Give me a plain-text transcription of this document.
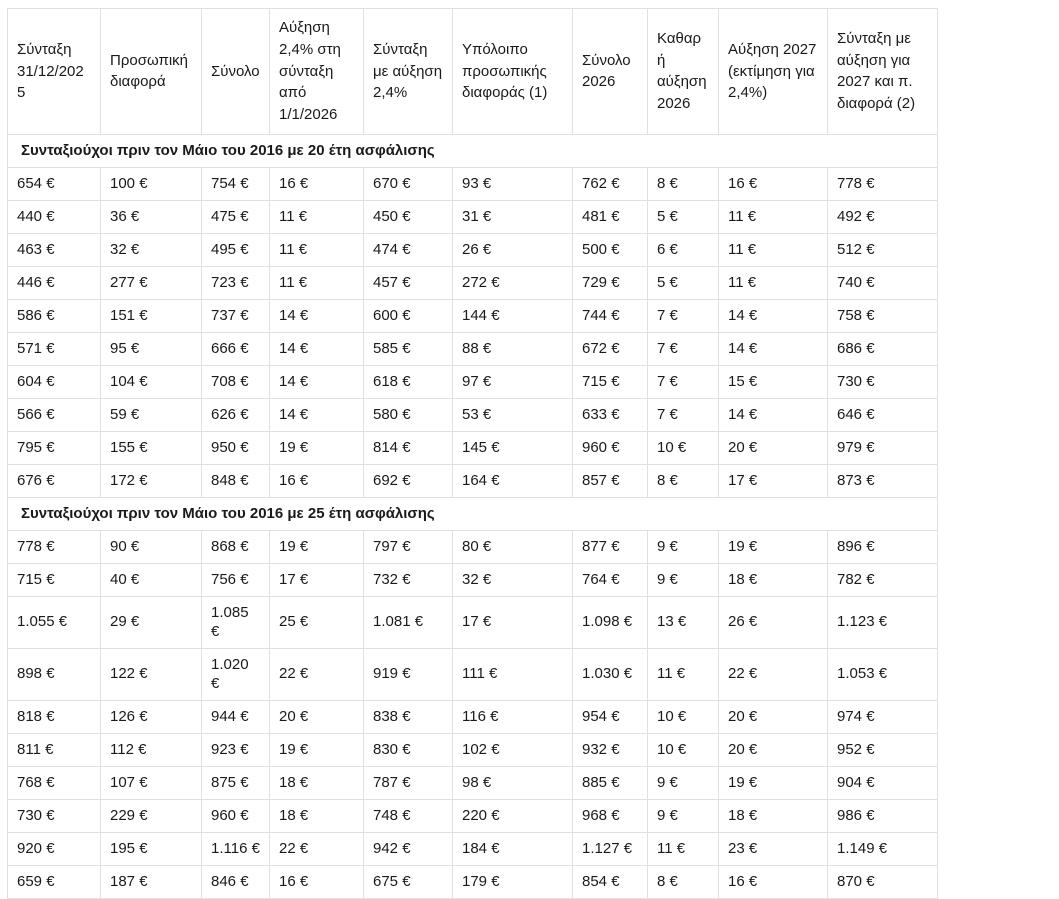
Σύνταξη 31/12/2025	Προσωπική διαφορά	Σύνολο	Αύξηση 2,4% στη σύνταξη από 1/1/2026	Σύνταξη με αύξηση 2,4%	Υπόλοιπο προσωπικής διαφοράς (1)	Σύνολο 2026	Καθαρή αύξηση 2026	Αύξηση 2027 (εκτίμηση για 2,4%)	Σύνταξη με αύξηση για 2027 και π. διαφορά (2)
Συνταξιούχοι πριν τον Μάιο του 2016 με 20 έτη ασφάλισης									
654 €	100 €	754 €	16 €	670 €	93 €	762 €	8 €	16 €	778 €
440 €	36 €	475 €	11 €	450 €	31 €	481 €	5 €	11 €	492 €
463 €	32 €	495 €	11 €	474 €	26 €	500 €	6 €	11 €	512 €
446 €	277 €	723 €	11 €	457 €	272 €	729 €	5 €	11 €	740 €
586 €	151 €	737 €	14 €	600 €	144 €	744 €	7 €	14 €	758 €
571 €	95 €	666 €	14 €	585 €	88 €	672 €	7 €	14 €	686 €
604 €	104 €	708 €	14 €	618 €	97 €	715 €	7 €	15 €	730 €
566 €	59 €	626 €	14 €	580 €	53 €	633 €	7 €	14 €	646 €
795 €	155 €	950 €	19 €	814 €	145 €	960 €	10 €	20 €	979 €
676 €	172 €	848 €	16 €	692 €	164 €	857 €	8 €	17 €	873 €
Συνταξιούχοι πριν τον Μάιο του 2016 με 25 έτη ασφάλισης									
778 €	90 €	868 €	19 €	797 €	80 €	877 €	9 €	19 €	896 €
715 €	40 €	756 €	17 €	732 €	32 €	764 €	9 €	18 €	782 €
1.055 €	29 €	1.085 €	25 €	1.081 €	17 €	1.098 €	13 €	26 €	1.123 €
898 €	122 €	1.020 €	22 €	919 €	111 €	1.030 €	11 €	22 €	1.053 €
818 €	126 €	944 €	20 €	838 €	116 €	954 €	10 €	20 €	974 €
811 €	112 €	923 €	19 €	830 €	102 €	932 €	10 €	20 €	952 €
768 €	107 €	875 €	18 €	787 €	98 €	885 €	9 €	19 €	904 €
730 €	229 €	960 €	18 €	748 €	220 €	968 €	9 €	18 €	986 €
920 €	195 €	1.116 €	22 €	942 €	184 €	1.127 €	11 €	23 €	1.149 €
659 €	187 €	846 €	16 €	675 €	179 €	854 €	8 €	16 €	870 €
